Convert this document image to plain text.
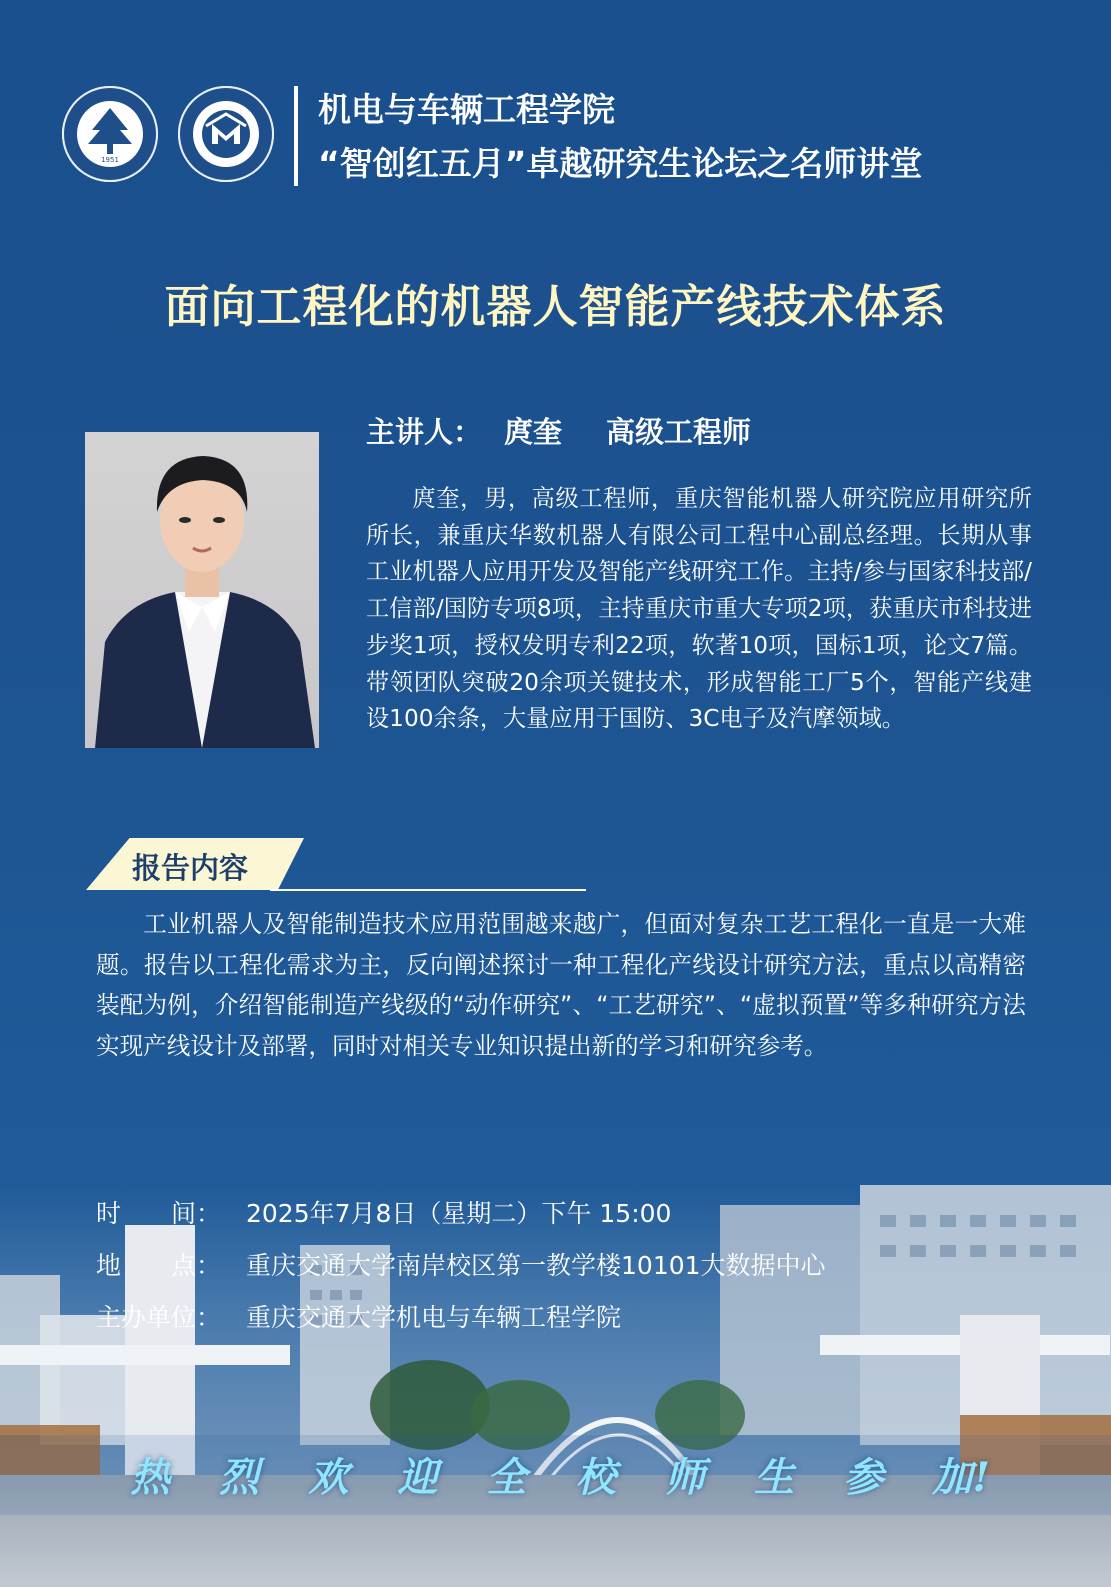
1951
机电与车辆工程学院
“智创红五月”卓越研究生论坛之名师讲堂
面向工程化的机器人智能产线技术体系
主讲人： 庹奎 高级工程师
庹奎，男，高级工程师，重庆智能机器人研究院应用研究所所长，兼重庆华数机器人有限公司工程中心副总经理。长期从事工业机器人应用开发及智能产线研究工作。主持/参与国家科技部/工信部/国防专项8项，主持重庆市重大专项2项，获重庆市科技进步奖1项，授权发明专利22项，软著10项，国标1项，论文7篇。带领团队突破20余项关键技术，形成智能工厂5个，智能产线建设100余条，大量应用于国防、3C电子及汽摩领域。
报告内容
工业机器人及智能制造技术应用范围越来越广，但面对复杂工艺工程化一直是一大难题。报告以工程化需求为主，反向阐述探讨一种工程化产线设计研究方法，重点以高精密装配为例，介绍智能制造产线级的“动作研究”、“工艺研究”、“虚拟预置”等多种研究方法实现产线设计及部署，同时对相关专业知识提出新的学习和研究参考。
时　　间： 2025年7月8日（星期二）下午 15:00
地　　点： 重庆交通大学南岸校区第一教学楼10101大数据中心
主办单位： 重庆交通大学机电与车辆工程学院
热 烈 欢 迎 全 校 师 生 参 加!
